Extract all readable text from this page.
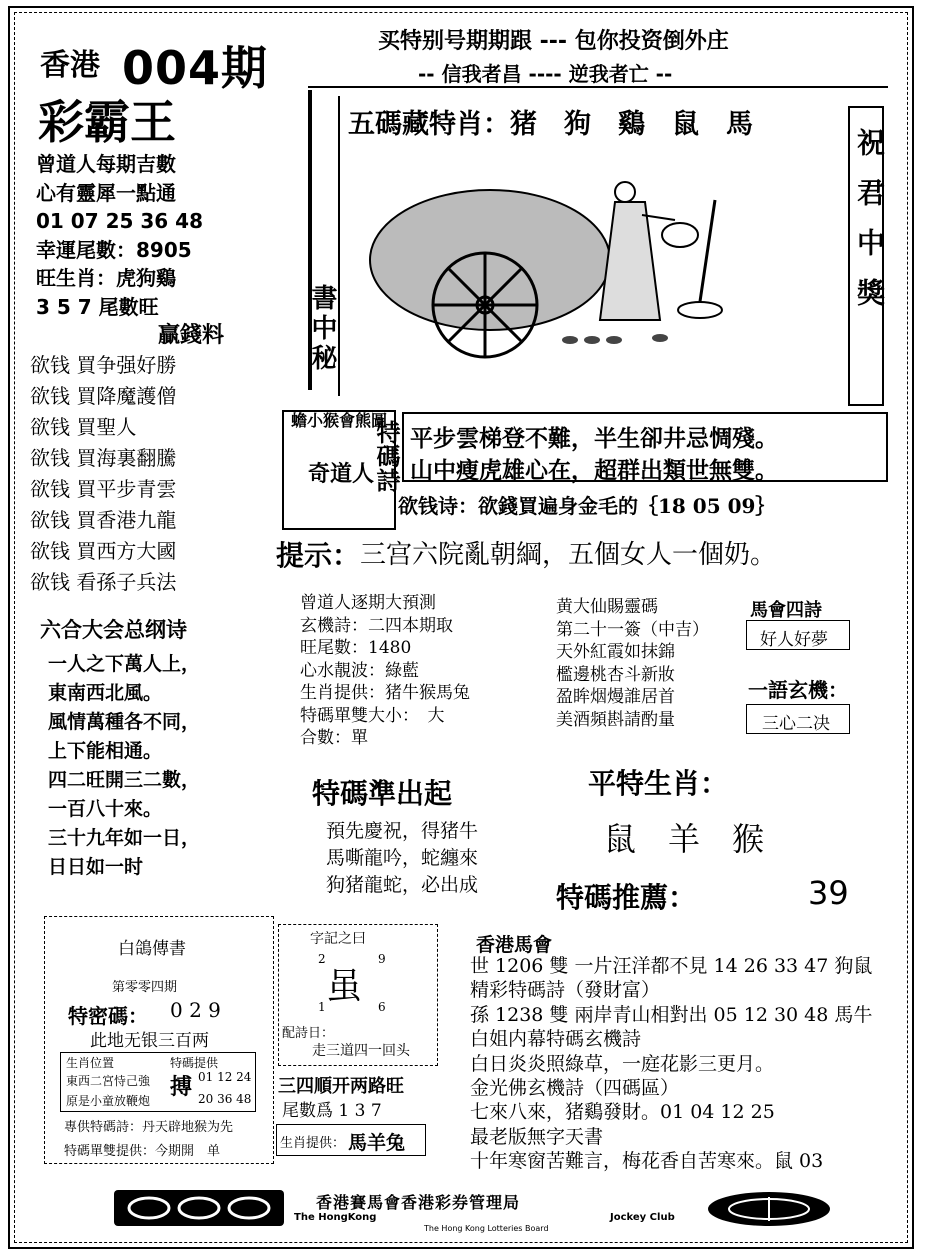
香港 004期
彩霸王
买特别号期期跟 --- 包你投资倒外庄
-- 信我者昌 ---- 逆我者亡 --
曾道人每期吉數
心有靈犀一點通
01 07 25 36 48
幸運尾數：8905
旺生肖：虎狗鷄
3 5 7 尾數旺
贏錢料
欲钱 買争强好勝
欲钱 買降魔護僧
欲钱 買聖人
欲钱 買海裏翻騰
欲钱 買平步青雲
欲钱 買香港九龍
欲钱 買西方大國
欲钱 看孫子兵法
六合大会总纲诗
一人之下萬人上，
東南西北風。
風情萬種各不同，
上下能相通。
四二旺開三二數，
一百八十來。
三十九年如一日，
日日如一时
五碼藏特肖：猪　狗　鷄　鼠　馬
祝君中獎
書中秘
蟾小猴會熊圖
奇道人
特碼詩 平步雲梯登不難，半生卻井忌惆殘。
山中瘦虎雄心在，超群出類世無雙。
欲钱诗：欲錢買遍身金毛的｛18 05 09｝
提示： 三宫六院亂朝綱，五個女人一個奶。
曾道人逐期大預測
玄機詩：二四本期取
旺尾數：1480
心水靚波：綠藍
生肖提供：猪牛猴馬兔
特碼單雙大小：　大
合數：單
黄大仙賜靈碼
第二十一簽（中吉）
天外紅霞如抹錦
檻邊桃杏斗新妝
盈眸烟熳誰居首
美酒頻斟請酌量
馬會四詩
好人好夢
一語玄機：
三心二决
特碼準出起
預先慶祝，得猪牛
馬嘶龍吟，蛇纏來
狗猪龍蛇，必出成
平特生肖：
鼠　羊　猴
特碼推薦：	39
白鴿傳書
第零零四期
特密碼： 0 2 9
此地无银三百两
生肖位置
東西二宮恃己強
原是小童放鞭炮
特碼提供
搏 01 12 24
20 36 48
專供特碼詩：丹天辟地猴为先
特碼單雙提供：今期開　单
字記之曰
2	9
虽
1	6
配詩日：
走三道四一回头
三四順开两路旺
尾數爲 1 3 7
生肖提供： 馬羊兔
香港馬會
世 1206 雙 一片汪洋都不見 14 26 33 47 狗鼠
精彩特碼詩（發財富）
孫 1238 雙 兩岸青山相對出 05 12 30 48 馬牛
白姐内幕特碼玄機詩
白日炎炎照綠草，一庭花影三更月。
金光佛玄機詩（四碼區）
七來八來，猪鷄發財。01 04 12 25
最老版無字天書
十年寒窗苦難言，梅花香自苦寒來。鼠 03
香港賽馬會香港彩券管理局
The HongKong	Jockey Club
The Hong Kong Lotteries Board
